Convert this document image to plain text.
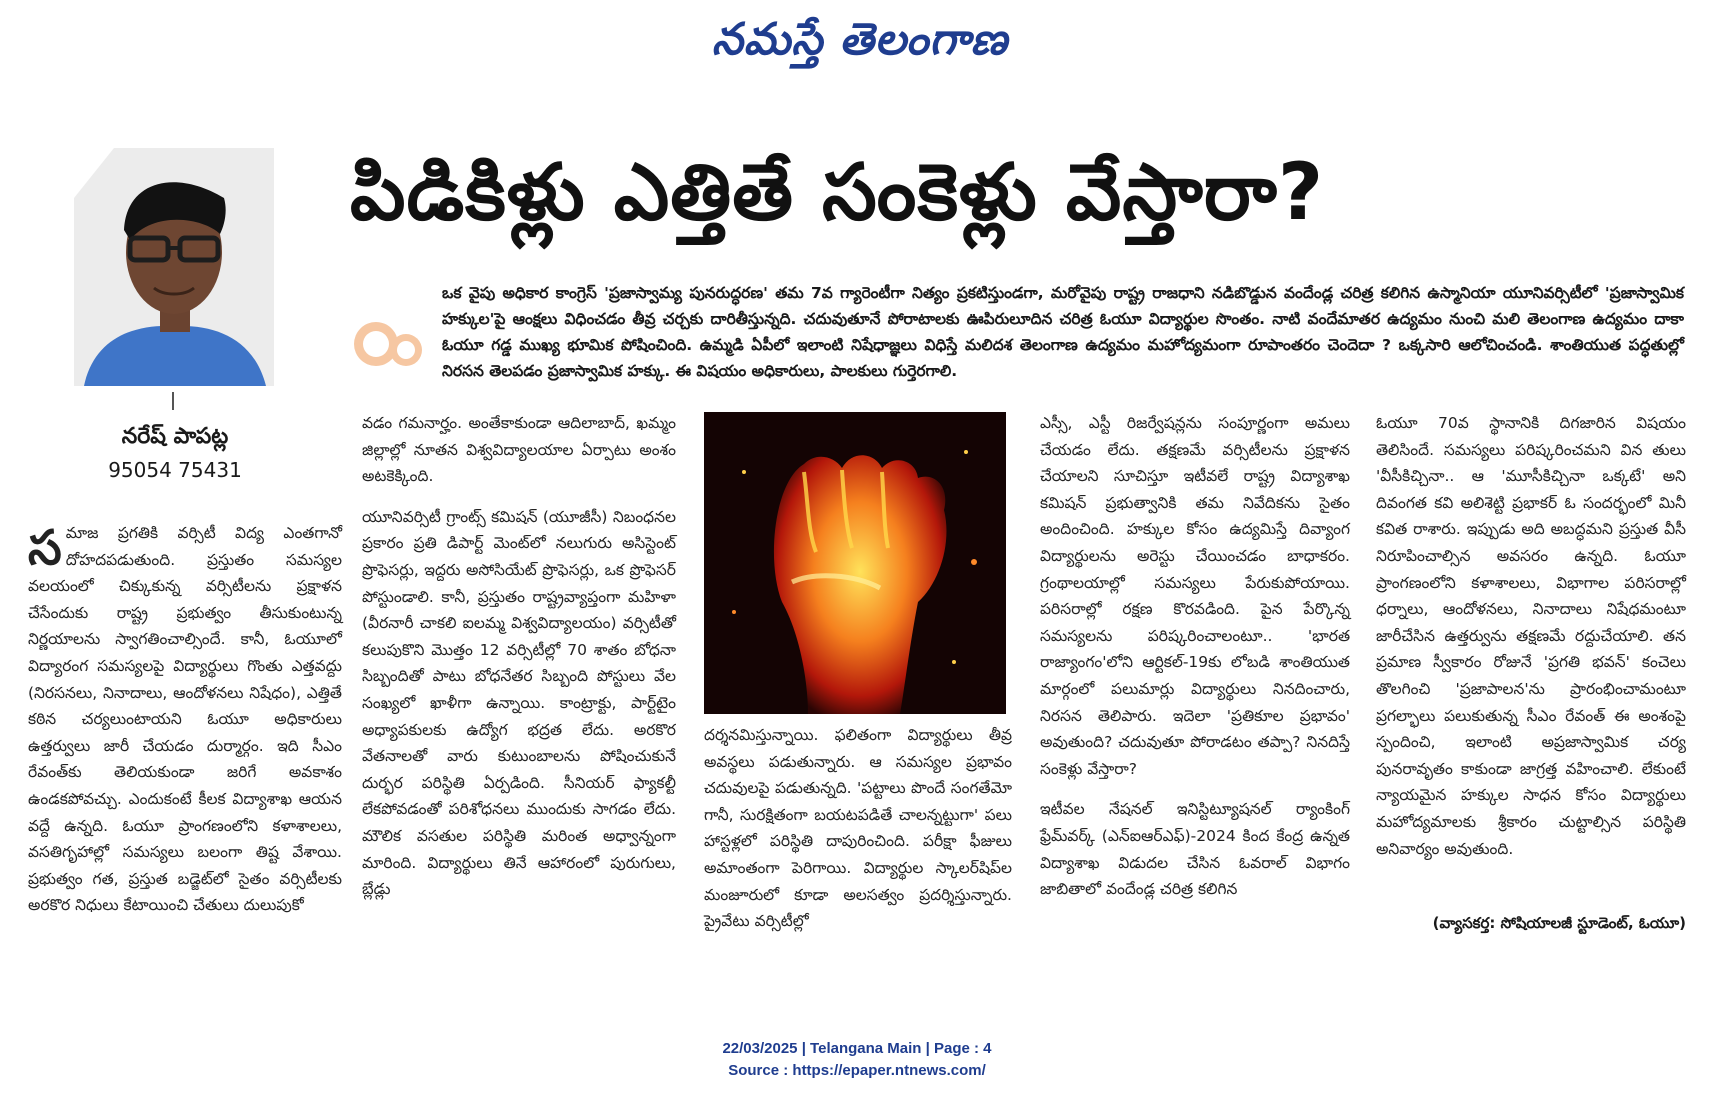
నమస్తే తెలంగాణ
పిడికిళ్లు ఎత్తితే సంకెళ్లు వేస్తారా?
నరేష్ పాపట్ల
95054 75431
ఒక వైపు అధికార కాంగ్రెస్ 'ప్రజాస్వామ్య పునరుద్ధరణ' తమ 7వ గ్యారెంటీగా నిత్యం ప్రకటిస్తుండగా, మరోవైపు రాష్ట్ర రాజధాని నడిబొడ్డున వందేండ్ల చరిత్ర కలిగిన ఉస్మానియా యూనివర్సిటీలో 'ప్రజాస్వామిక హక్కుల'పై ఆంక్షలు విధించడం తీవ్ర చర్చకు దారితీస్తున్నది. చదువుతూనే పోరాటాలకు ఊపిరులూదిన చరిత్ర ఓయూ విద్యార్థుల సొంతం. నాటి వందేమాతర ఉద్యమం నుంచి మలి తెలంగాణ ఉద్యమం దాకా ఓయూ గడ్డ ముఖ్య భూమిక పోషించింది. ఉమ్మడి ఏపీలో ఇలాంటి నిషేధాజ్ఞలు విధిస్తే మలిదశ తెలంగాణ ఉద్యమం మహోద్యమంగా రూపాంతరం చెందెదా ? ఒక్కసారి ఆలోచించండి. శాంతియుత పద్ధతుల్లో నిరసన తెలపడం ప్రజాస్వామిక హక్కు. ఈ విషయం అధికారులు, పాలకులు గుర్తెరగాలి.

సమాజ ప్రగతికి వర్సిటీ విద్య ఎంతగానో దోహదపడుతుంది. ప్రస్తుతం సమస్యల వలయంలో చిక్కుకున్న వర్సిటీలను ప్రక్షాళన చేసేందుకు రాష్ట్ర ప్రభుత్వం తీసుకుంటున్న నిర్ణయాలను స్వాగతించాల్సిందే. కానీ, ఓయూలో విద్యారంగ సమస్యలపై విద్యార్థులు గొంతు ఎత్తవద్దు (నిరసనలు, నినాదాలు, ఆందోళనలు నిషేధం), ఎత్తితే కఠిన చర్యలుంటాయని ఓయూ అధికారులు ఉత్తర్వులు జారీ చేయడం దుర్మార్గం. ఇది సీఎం రేవంత్‌కు తెలియకుండా జరిగే అవకాశం ఉండకపోవచ్చు. ఎందుకంటే కీలక విద్యాశాఖ ఆయన వద్దే ఉన్నది. ఓయూ ప్రాంగణంలోని కళాశాలలు, వసతిగృహాల్లో సమస్యలు బలంగా తిష్ట వేశాయి. ప్రభుత్వం గత, ప్రస్తుత బడ్జెట్‌లో సైతం వర్సిటీలకు అరకొర నిధులు కేటాయించి చేతులు దులుపుకో

వడం గమనార్హం. అంతేకాకుండా ఆదిలాబాద్, ఖమ్మం జిల్లాల్లో నూతన విశ్వవిద్యాలయాల ఏర్పాటు అంశం అటకెక్కింది.

యూనివర్సిటీ గ్రాంట్స్ కమిషన్ (యూజీసీ) నిబంధనల ప్రకారం ప్రతి డిపార్ట్ మెంట్‌లో నలుగురు అసిస్టెంట్ ప్రొఫెసర్లు, ఇద్దరు అసోసియేట్ ప్రొఫెసర్లు, ఒక ప్రొఫెసర్ పోస్టుండాలి. కానీ, ప్రస్తుతం రాష్ట్రవ్యాప్తంగా మహిళా (వీరనారీ చాకలి ఐలమ్మ విశ్వవిద్యాలయం) వర్సిటీతో కలుపుకొని మొత్తం 12 వర్సిటీల్లో 70 శాతం బోధనా సిబ్బందితో పాటు బోధనేతర సిబ్బంది పోస్టులు వేల సంఖ్యలో ఖాళీగా ఉన్నాయి. కాంట్రాక్టు, పార్ట్‌టైం అధ్యాపకులకు ఉద్యోగ భద్రత లేదు. అరకొర వేతనాలతో వారు కుటుంబాలను పోషించుకునే దుర్భర పరిస్థితి ఏర్పడింది. సీనియర్ ఫ్యాకల్టీ లేకపోవడంతో పరిశోధనలు ముందుకు సాగడం లేదు. మౌలిక వసతుల పరిస్థితి మరింత అధ్వాన్నంగా మారింది. విద్యార్థులు తినే ఆహారంలో పురుగులు, బ్లేడ్లు

దర్శనమిస్తున్నాయి. ఫలితంగా విద్యార్థులు తీవ్ర అవస్థలు పడుతున్నారు. ఆ సమస్యల ప్రభావం చదువులపై పడుతున్నది. 'పట్టాలు పొందే సంగతేమో గానీ, సురక్షితంగా బయటపడితే చాలన్నట్టుగా' పలు హాస్టళ్లలో పరిస్థితి దాపురించింది. పరీక్షా ఫీజులు అమాంతంగా పెరిగాయి. విద్యార్థుల స్కాలర్‌షిప్‌ల మంజూరులో కూడా అలసత్వం ప్రదర్శిస్తున్నారు. ప్రైవేటు వర్సిటీల్లో

ఎస్సీ, ఎస్టీ రిజర్వేషన్లను సంపూర్ణంగా అమలు చేయడం లేదు. తక్షణమే వర్సిటీలను ప్రక్షాళన చేయాలని సూచిస్తూ ఇటీవలే రాష్ట్ర విద్యాశాఖ కమిషన్ ప్రభుత్వానికి తమ నివేదికను సైతం అందించింది. హక్కుల కోసం ఉద్యమిస్తే దివ్యాంగ విద్యార్థులను అరెస్టు చేయించడం బాధాకరం. గ్రంథాలయాల్లో సమస్యలు పేరుకుపోయాయి. పరిసరాల్లో రక్షణ కొరవడింది. పైన పేర్కొన్న సమస్యలను పరిష్కరించాలంటూ.. 'భారత రాజ్యాంగం'లోని ఆర్టికల్-19కు లోబడి శాంతియుత మార్గంలో పలుమార్లు విద్యార్థులు నినదించారు, నిరసన తెలిపారు. ఇదెలా 'ప్రతికూల ప్రభావం' అవుతుంది? చదువుతూ పోరాడటం తప్పా? నినదిస్తే సంకెళ్లు వేస్తారా?

ఇటీవల నేషనల్ ఇనిస్టిట్యూషనల్ ర్యాంకింగ్ ఫ్రేమ్‌వర్క్ (ఎన్ఐఆర్ఎఫ్)-2024 కింద కేంద్ర ఉన్నత విద్యాశాఖ విడుదల చేసిన ఓవరాల్ విభాగం జాబితాలో వందేండ్ల చరిత్ర కలిగిన

ఓయూ 70వ స్థానానికి దిగజారిన విషయం తెలిసిందే. సమస్యలు పరిష్కరించమని విన తులు 'వీసీకిచ్చినా.. ఆ 'మూసీకిచ్చినా ఒక్కటే' అని దివంగత కవి అలిశెట్టి ప్రభాకర్ ఓ సందర్భంలో మినీ కవిత రాశారు. ఇప్పుడు అది అబద్ధమని ప్రస్తుత వీసీ నిరూపించాల్సిన అవసరం ఉన్నది. ఓయూ ప్రాంగణంలోని కళాశాలలు, విభాగాల పరిసరాల్లో ధర్నాలు, ఆందోళనలు, నినాదాలు నిషేధమంటూ జారీచేసిన ఉత్తర్వును తక్షణమే రద్దుచేయాలి. తన ప్రమాణ స్వీకారం రోజునే 'ప్రగతి భవన్' కంచెలు తొలగించి 'ప్రజాపాలన'ను ప్రారంభించామంటూ ప్రగల్భాలు పలుకుతున్న సీఎం రేవంత్ ఈ అంశంపై స్పందించి, ఇలాంటి అప్రజాస్వామిక చర్య పునరావృతం కాకుండా జాగ్రత్త వహించాలి. లేకుంటే న్యాయమైన హక్కుల సాధన కోసం విద్యార్థులు మహోద్యమాలకు శ్రీకారం చుట్టాల్సిన పరిస్థితి అనివార్యం అవుతుంది.

(వ్యాసకర్త: సోషియాలజీ స్టూడెంట్, ఓయూ)
22/03/2025 | Telangana Main | Page : 4
Source : https://epaper.ntnews.com/
